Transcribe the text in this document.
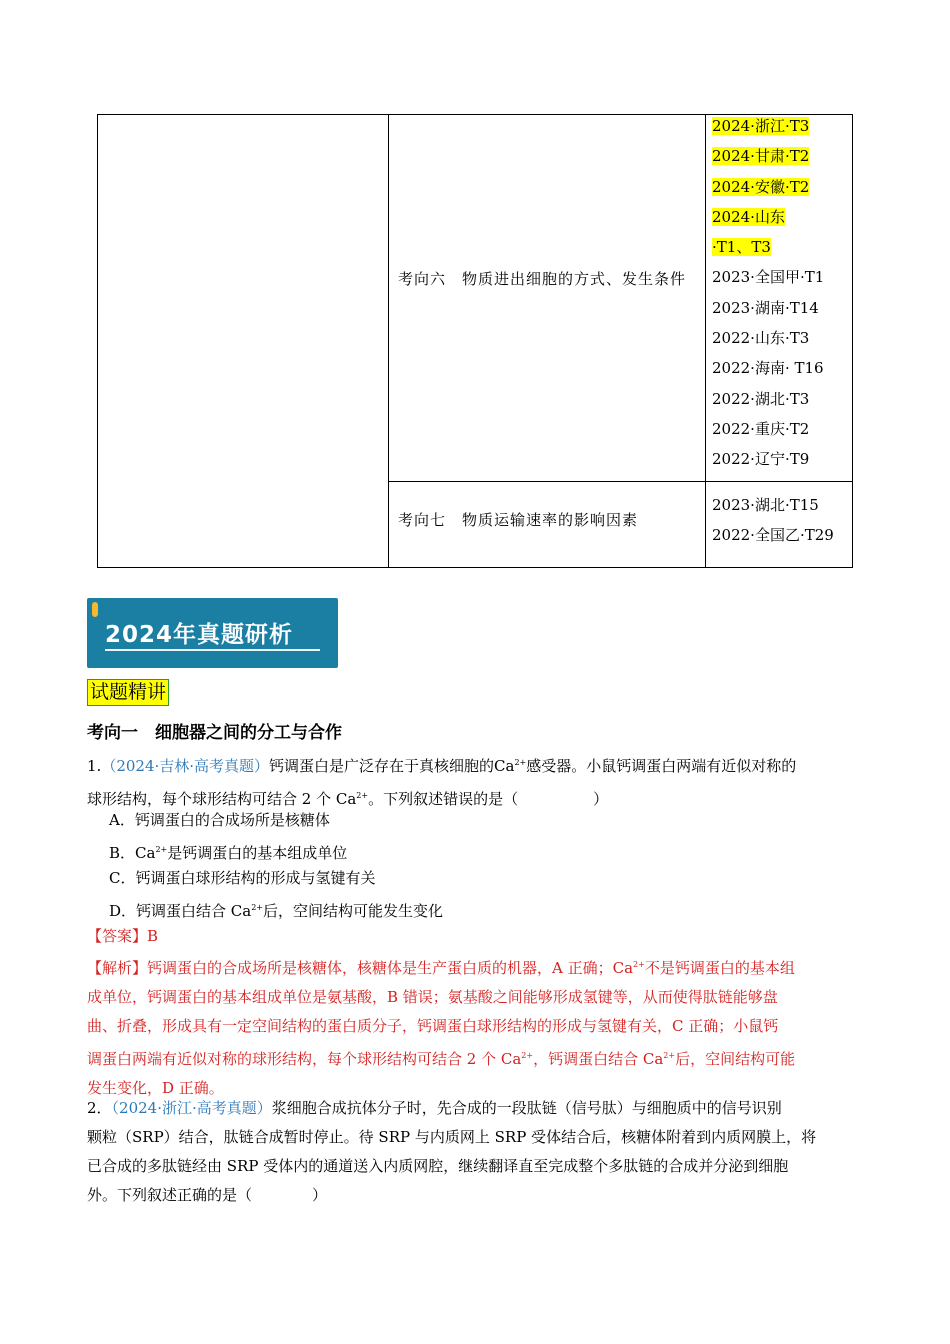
考向六　物质进出细胞的方式、发生条件
2024·浙江·T3
2024·甘肃·T2
2024·安徽·T2
2024·山东
·T1、T3
2023·全国甲·T1
2023·湖南·T14
2022·山东·T3
2022·海南· T16
2022·湖北·T3
2022·重庆·T2
2022·辽宁·T9
考向七　物质运输速率的影响因素
2023·湖北·T15
2022·全国乙·T29
2024年真题研析
试题精讲
考向一　细胞器之间的分工与合作
1.（2024·吉林·高考真题）钙调蛋白是广泛存在于真核细胞的$Ca^{2+}$感受器。小鼠钙调蛋白两端有近似对称的
球形结构，每个球形结构可结合 2 个 $Ca^{2+}$。下列叙述错误的是（　　　　　）
A．钙调蛋白的合成场所是核糖体
B．$Ca^{2+}$是钙调蛋白的基本组成单位
C．钙调蛋白球形结构的形成与氢键有关
D．钙调蛋白结合 $Ca^{2+}$后，空间结构可能发生变化
【答案】B
【解析】钙调蛋白的合成场所是核糖体，核糖体是生产蛋白质的机器，A 正确；$Ca^{2+}$不是钙调蛋白的基本组
成单位，钙调蛋白的基本组成单位是氨基酸，B 错误；氨基酸之间能够形成氢键等，从而使得肽链能够盘
曲、折叠，形成具有一定空间结构的蛋白质分子，钙调蛋白球形结构的形成与氢键有关，C 正确；小鼠钙
调蛋白两端有近似对称的球形结构，每个球形结构可结合 2 个 $Ca^{2+}$，钙调蛋白结合 $Ca^{2+}$后，空间结构可能
发生变化，D 正确。
2．（2024·浙江·高考真题）浆细胞合成抗体分子时，先合成的一段肽链（信号肽）与细胞质中的信号识别
颗粒（SRP）结合，肽链合成暂时停止。待 SRP 与内质网上 SRP 受体结合后，核糖体附着到内质网膜上，将
已合成的多肽链经由 SRP 受体内的通道送入内质网腔，继续翻译直至完成整个多肽链的合成并分泌到细胞
外。下列叙述正确的是（　　　　）
